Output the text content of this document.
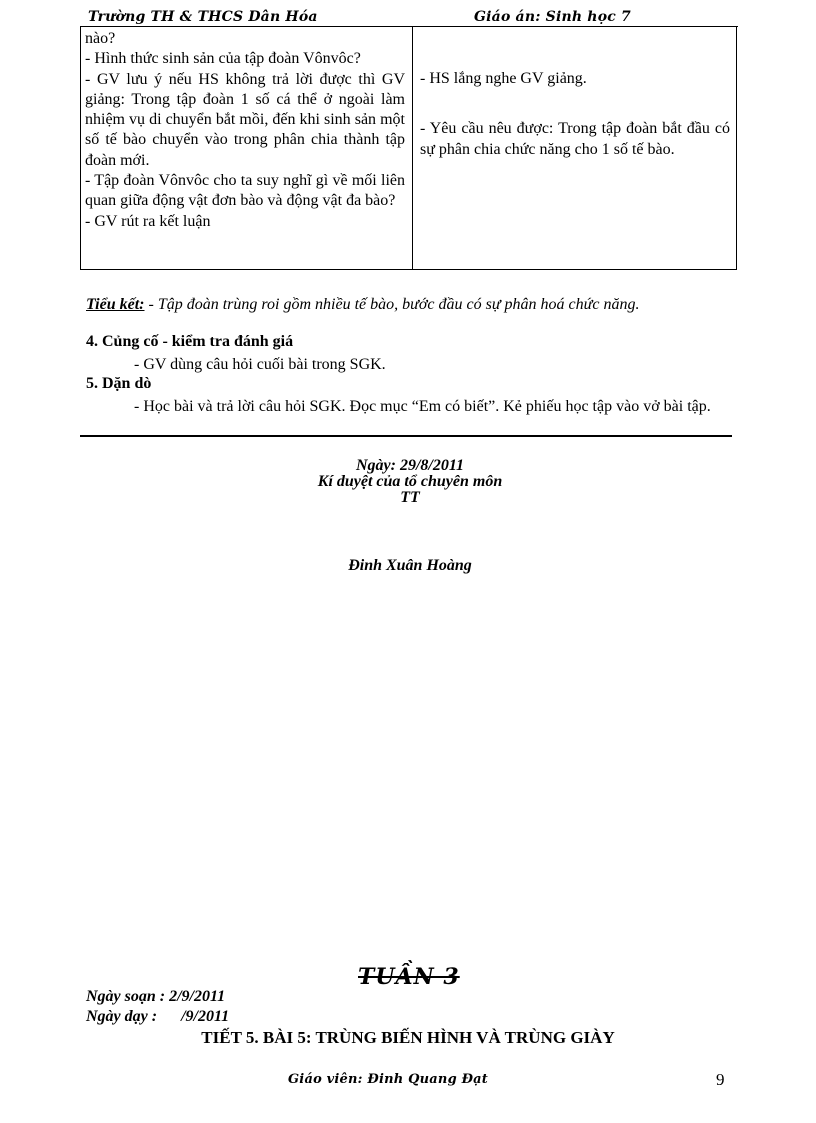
Trường TH & THCS Dân Hóa	Giáo án: Sinh học 7

nào?

- Hình thức sinh sản của tập đoàn Vônvôc?

- GV lưu ý nếu HS không trả lời được thì GV giảng: Trong tập đoàn 1 số cá thể ở ngoài làm nhiệm vụ di chuyển bắt mồi, đến khi sinh sản một số tế bào chuyển vào trong phân chia thành tập đoàn mới.

- Tập đoàn Vônvôc cho ta suy nghĩ gì về mối liên quan giữa động vật đơn bào và động vật đa bào?

- GV rút ra kết luận

- HS lắng nghe GV giảng.

- Yêu cầu nêu được: Trong tập đoàn bắt đầu có sự phân chia chức năng cho 1 số tế bào.

Tiểu kết: - Tập đoàn trùng roi gồm nhiều tế bào, bước đầu có sự phân hoá chức năng.
4. Củng cố - kiểm tra đánh giá
- GV dùng câu hỏi cuối bài trong SGK.
5. Dặn dò
- Học bài và trả lời câu hỏi SGK. Đọc mục “Em có biết”. Kẻ phiếu học tập vào vở bài tập.
Ngày: 29/8/2011
Kí duyệt của tổ chuyên môn
TT
Đinh Xuân Hoàng
TUẦN 3
Ngày soạn : 2/9/2011
Ngày dạy :      /9/2011
TIẾT 5. BÀI 5: TRÙNG BIẾN HÌNH VÀ TRÙNG GIÀY
Giáo viên: Đinh Quang Đạt	9
